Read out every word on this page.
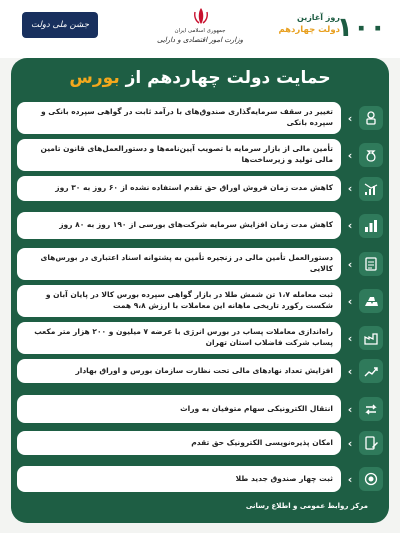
۱۰۰
روز آغازین
دولت چهاردهم
جمهوری اسلامی ایران
وزارت امور اقتصادی و دارایی
جشن ملی دولت
حمایت دولت چهاردهم از بورس
‹
تغییر در سقف سرمایه‌گذاری صندوق‌های با درآمد ثابت در گواهی سپرده بانکی و سپرده بانکی
‹
تأمین مالی از بازار سرمایه با تصویب آیین‌نامه‌ها و دستورالعمل‌های قانون تامین مالی تولید و زیرساخت‌ها
‹
کاهش مدت زمان فروش اوراق حق تقدم استفاده نشده از ۶۰ روز به ۳۰ روز
‹
کاهش مدت زمان افزایش سرمایه شرکت‌های بورسی از ۱۹۰ روز به ۸۰ روز
‹
دستورالعمل تأمین مالی در زنجیره تأمین به پشتوانه اسناد اعتباری در بورس‌های کالایی
‹
ثبت معامله ۱،۷ تن شمش طلا در بازار گواهی سپرده بورس کالا در پایان آبان و شکست رکورد تاریخی ماهانه این معاملات با ارزش ۹،۸ همت
‹
راه‌اندازی معاملات پساب در بورس انرژی با عرضه ۷ میلیون و ۲۰۰ هزار متر مکعب پساب شرکت فاضلاب استان تهران
‹
افزایش تعداد نهادهای مالی تحت نظارت سازمان بورس و اوراق بهادار
‹
انتقال الکترونیکی سهام متوفیان به وراث
‹
امکان پذیره‌نویسی الکترونیک حق تقدم
‹
ثبت چهار صندوق جدید طلا
مرکز روابط عمومی و اطلاع رسانی
